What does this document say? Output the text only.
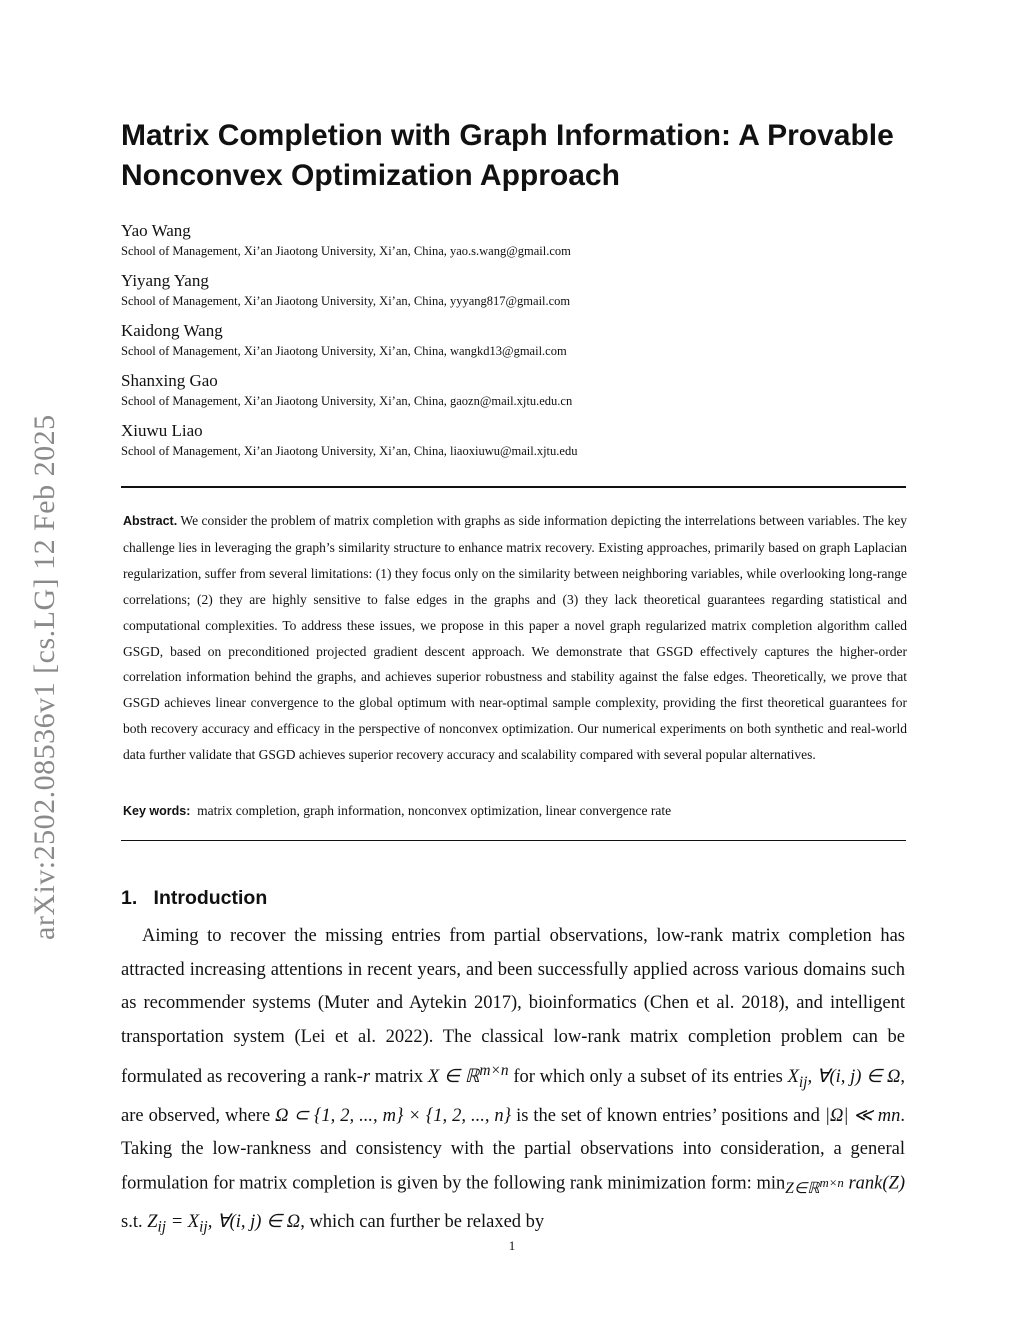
arXiv:2502.08536v1 [cs.LG] 12 Feb 2025
Matrix Completion with Graph Information: A Provable Nonconvex Optimization Approach
Yao Wang
School of Management, Xi’an Jiaotong University, Xi’an, China, yao.s.wang@gmail.com
Yiyang Yang
School of Management, Xi’an Jiaotong University, Xi’an, China, yyyang817@gmail.com
Kaidong Wang
School of Management, Xi’an Jiaotong University, Xi’an, China, wangkd13@gmail.com
Shanxing Gao
School of Management, Xi’an Jiaotong University, Xi’an, China, gaozn@mail.xjtu.edu.cn
Xiuwu Liao
School of Management, Xi’an Jiaotong University, Xi’an, China, liaoxiuwu@mail.xjtu.edu

Abstract. We consider the problem of matrix completion with graphs as side information depicting the interrelations between variables. The key challenge lies in leveraging the graph’s similarity structure to enhance matrix recovery. Existing approaches, primarily based on graph Laplacian regularization, suffer from several limitations: (1) they focus only on the similarity between neighboring variables, while overlooking long-range correlations; (2) they are highly sensitive to false edges in the graphs and (3) they lack theoretical guarantees regarding statistical and computational complexities. To address these issues, we propose in this paper a novel graph regularized matrix completion algorithm called GSGD, based on preconditioned projected gradient descent approach. We demonstrate that GSGD effectively captures the higher-order correlation information behind the graphs, and achieves superior robustness and stability against the false edges. Theoretically, we prove that GSGD achieves linear convergence to the global optimum with near-optimal sample complexity, providing the first theoretical guarantees for both recovery accuracy and efficacy in the perspective of nonconvex optimization. Our numerical experiments on both synthetic and real-world data further validate that GSGD achieves superior recovery accuracy and scalability compared with several popular alternatives.

Key words: matrix completion, graph information, nonconvex optimization, linear convergence rate
1. Introduction

Aiming to recover the missing entries from partial observations, low-rank matrix completion has attracted increasing attentions in recent years, and been successfully applied across various domains such as recommender systems (Muter and Aytekin 2017), bioinformatics (Chen et al. 2018), and intelligent transportation system (Lei et al. 2022). The classical low-rank matrix completion problem can be formulated as recovering a rank-r matrix X ∈ ℝ$^{m\times n}$ for which only a subset of its entries $X_{ij}$, ∀(i, j) ∈ Ω, are observed, where Ω ⊂ {1, 2, ..., m} × {1, 2, ..., n} is the set of known entries’ positions and |Ω| ≪ mn. Taking the low-rankness and consistency with the partial observations into consideration, a general formulation for matrix completion is given by the following rank minimization form: $\min_{Z\in ℝ^{m\times n}}$ rank(Z) s.t. $Z_{ij} = X_{ij}$, ∀(i, j) ∈ Ω, which can further be relaxed by

1
